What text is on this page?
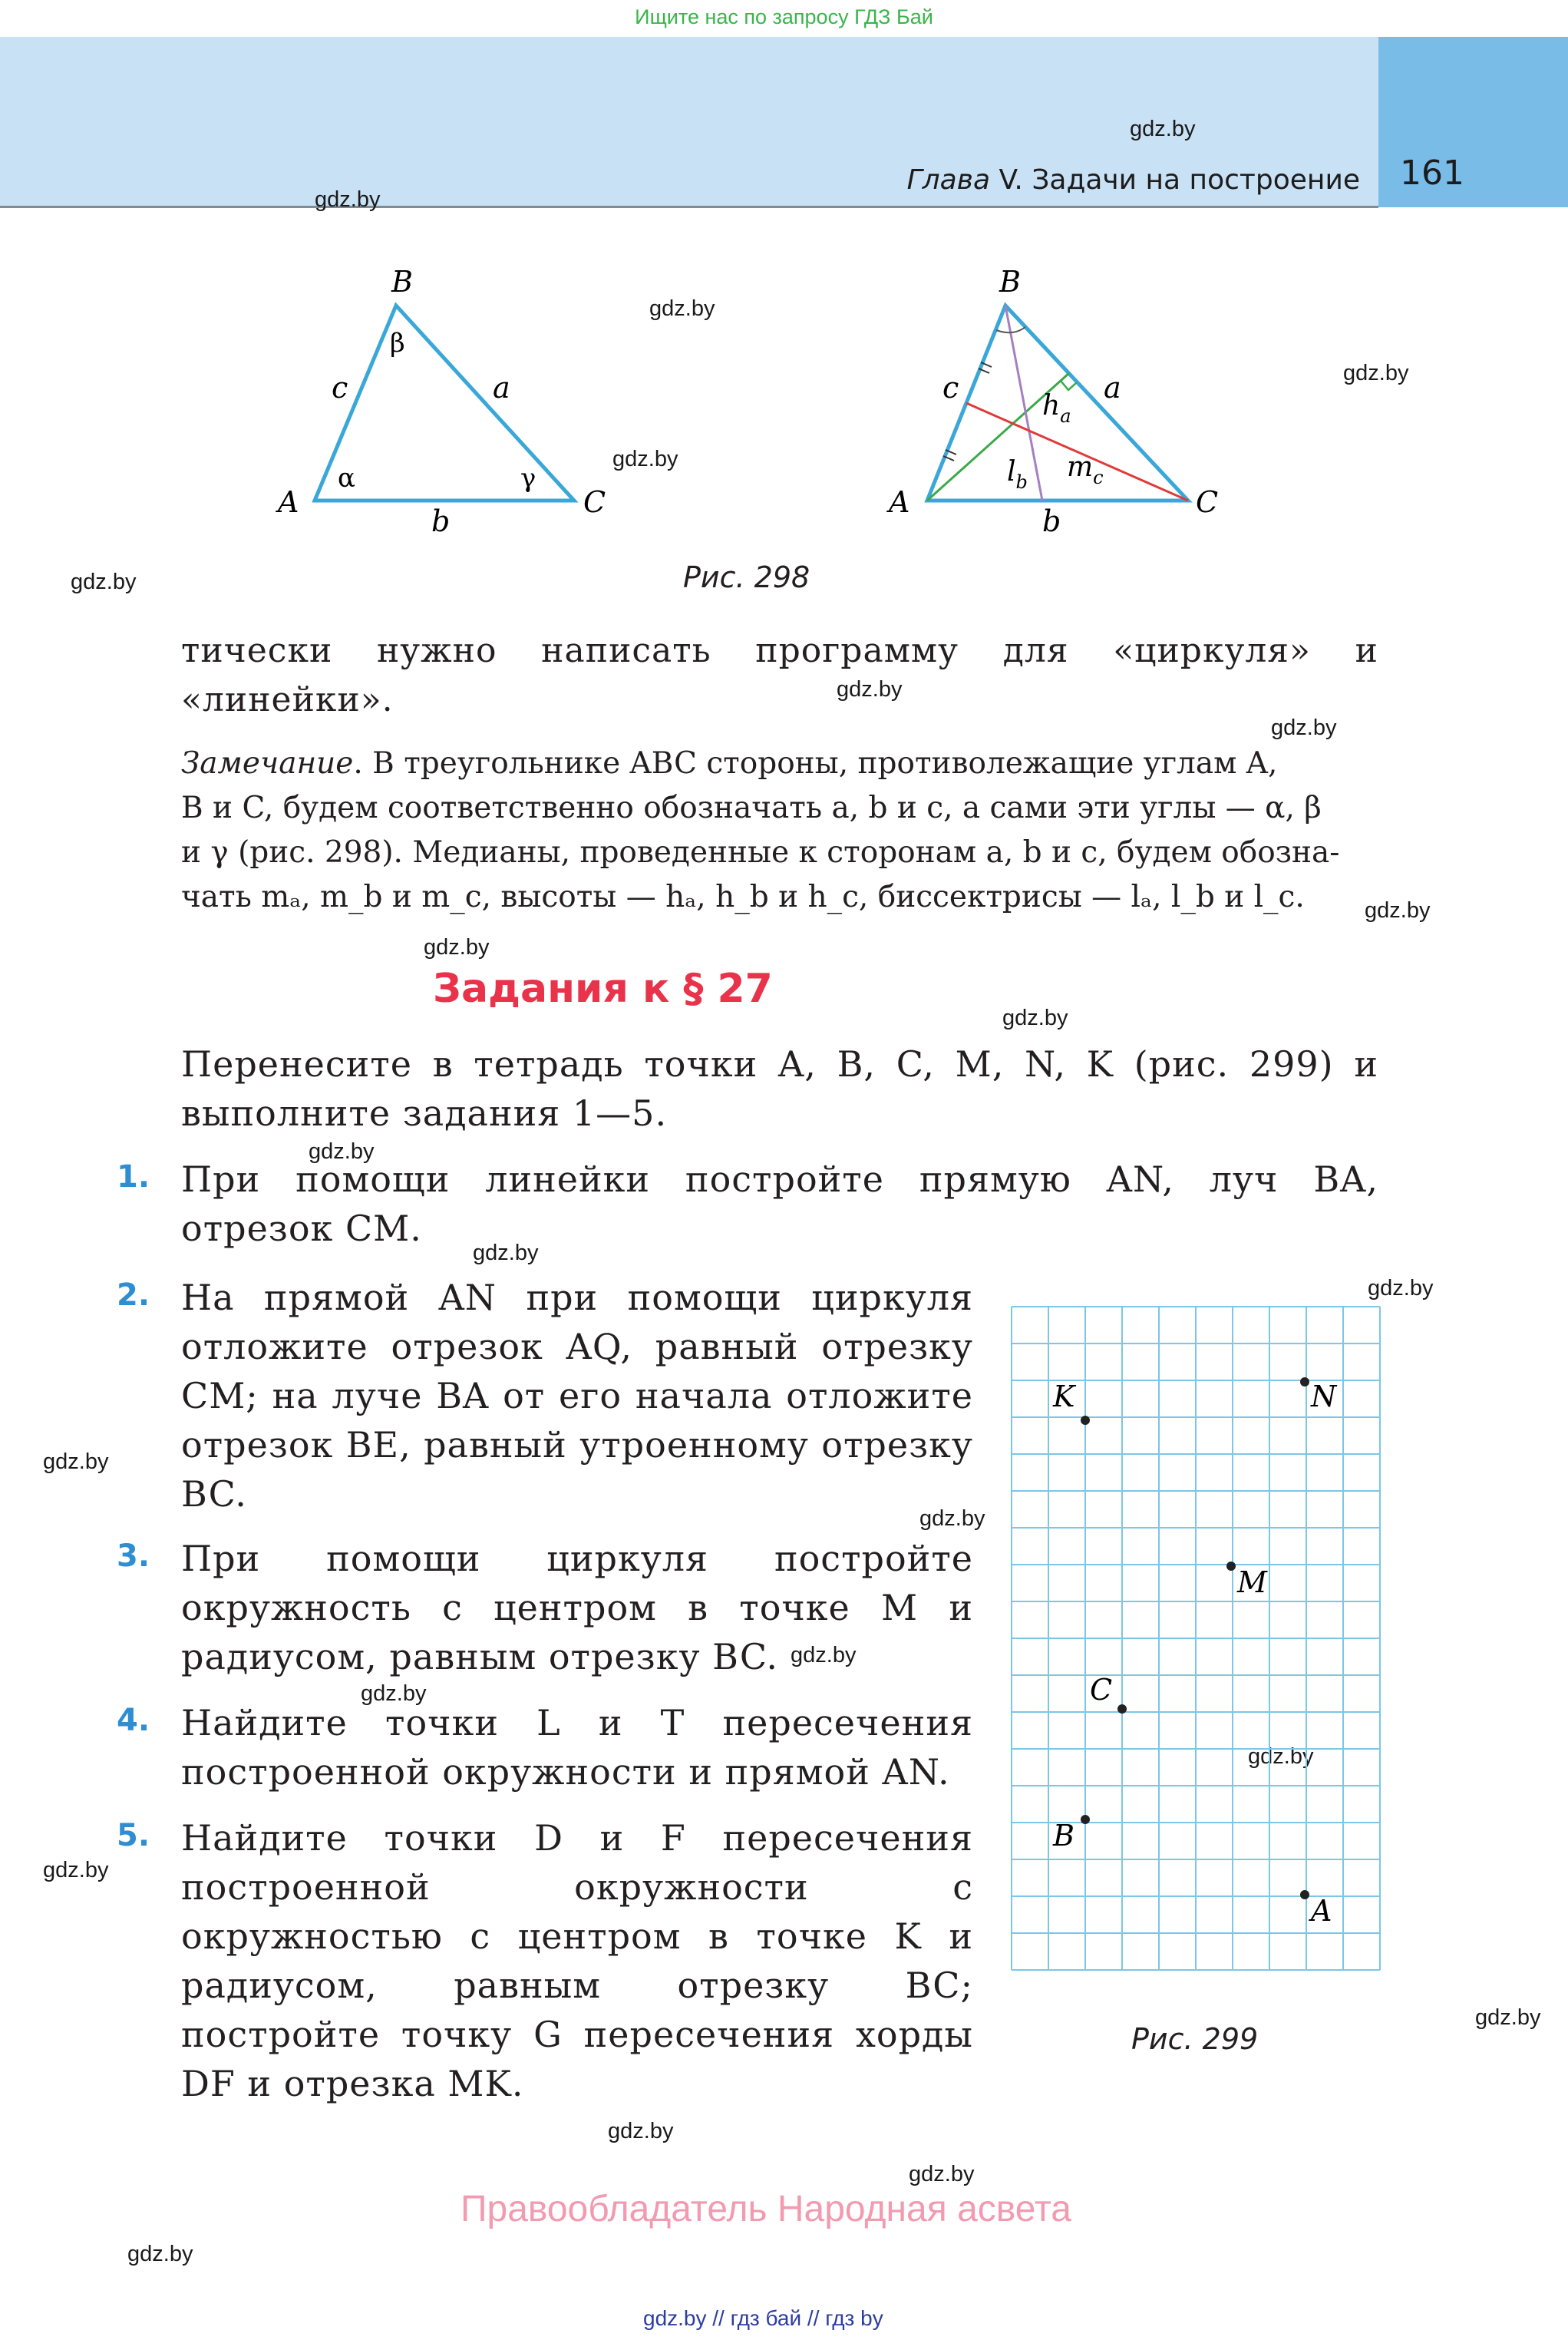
Ищите нас по запросу ГДЗ Бай
161
Глава V. Задачи на построение
gdz.by
gdz.by
gdz.by
gdz.by
gdz.by
gdz.by
gdz.by
gdz.by
gdz.by
gdz.by
gdz.by
gdz.by
gdz.by
gdz.by
gdz.by
gdz.by
gdz.by
gdz.by
gdz.by
gdz.by
gdz.by
gdz.by
gdz.by
gdz.by
B
A	C
a
b
c
α
β
γ
B
A	C
a
b
c
$h_a$
$l_b$ $m_c$
Рис. 298
тически нужно написать программу для «циркуля» и «линейки».
Замечание. В треугольнике ABC стороны, противолежащие углам A,
B и C, будем соответственно обозначать a, b и c, а сами эти углы — α, β
и γ (рис. 298). Медианы, проведенные к сторонам a, b и c, будем обозна-
чать mₐ, m_b и m_c, высоты — hₐ, h_b и h_c, биссектрисы — lₐ, l_b и l_c.
Задания к § 27
Перенесите в тетрадь точки A, B, C, M, N, K (рис. 299) и выполните задания 1—5.
1. При помощи линейки постройте прямую AN, луч BA, отрезок CM.
2. На прямой AN при помощи циркуля отложите отрезок AQ, равный отрезку CM; на луче BA от его начала отложите отрезок BE, равный утроенному отрезку BC.
3. При помощи циркуля постройте окружность с центром в точке M и радиусом, равным отрезку BC.
4. Найдите точки L и T пересечения построенной окружности и прямой AN.
5. Найдите точки D и F пересечения построенной окружности с окружностью с центром в точке K и радиусом, равным отрезку BC; постройте точку G пересечения хорды DF и отрезка MK.
K	N
M
C
B
A
Рис. 299
Правообладатель Народная асвета
gdz.by // гдз бай // гдз by
